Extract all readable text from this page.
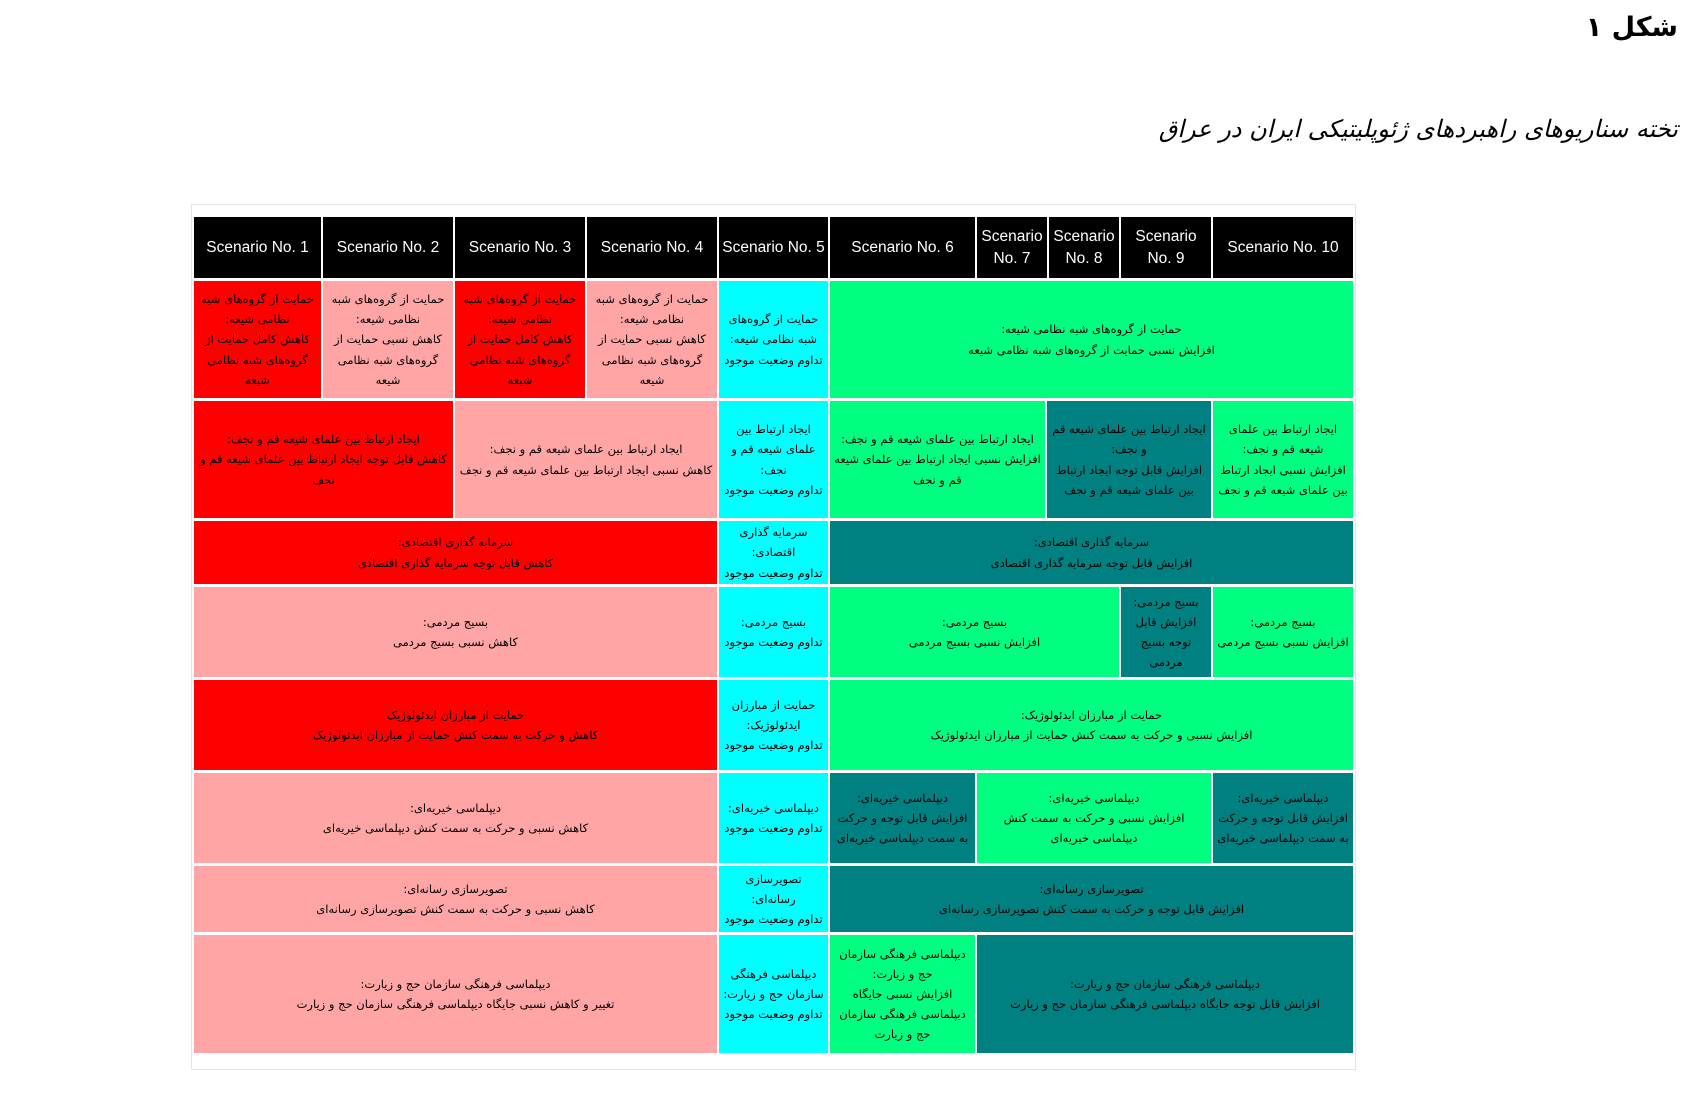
شکل ۱
تخته سناریوهای راهبردهای ژئوپلیتیکی ایران در عراق
Scenario No. 1 Scenario No. 2 Scenario No. 3 Scenario No. 4 Scenario No. 5 Scenario No. 6
Scenario No. 7
Scenario No. 8
Scenario No. 9
Scenario No. 10
حمایت از گروه‌های شبه نظامی شیعه:
کاهش کامل حمایت از گروه‌های شبه نظامی شیعه
حمایت از گروه‌های شبه نظامی شیعه:
کاهش نسبی حمایت از گروه‌های شبه نظامی شیعه
حمایت از گروه‌های شبه نظامی شیعه:
کاهش کامل حمایت از گروه‌های شبه نظامی شیعه
حمایت از گروه‌های شبه نظامی شیعه:
کاهش نسبی حمایت از گروه‌های شبه نظامی شیعه
حمایت از گروه‌های شبه نظامی شیعه:
تداوم وضعیت موجود
حمایت از گروه‌های شبه نظامی شیعه:
افزایش نسبی حمایت از گروه‌های شبه نظامی شیعه
ایجاد ارتباط بین علمای شیعه قم و نجف:
کاهش قابل توجه ایجاد ارتباط بین علمای شیعه قم و نجف
ایجاد ارتباط بین علمای شیعه قم و نجف:
کاهش نسبی ایجاد ارتباط بین علمای شیعه قم و نجف
ایجاد ارتباط بین علمای شیعه قم و نجف:
تداوم وضعیت موجود
ایجاد ارتباط بین علمای شیعه قم و نجف:
افزایش نسبی ایجاد ارتباط بین علمای شیعه قم و نجف
ایجاد ارتباط بین علمای شیعه قم و نجف:
افزایش قابل توجه ایجاد ارتباط بین علمای شیعه قم و نجف
ایجاد ارتباط بین علمای شیعه قم و نجف:
افزایش نسبی ایجاد ارتباط بین علمای شیعه قم و نجف
سرمایه گذاری اقتصادی:
کاهش قابل توجه سرمایه گذاری اقتصادی
سرمایه گذاری اقتصادی:
تداوم وضعیت موجود
سرمایه گذاری اقتصادی:
افزایش قابل توجه سرمایه گذاری اقتصادی
بسیج مردمی:
کاهش نسبی بسیج مردمی
بسیج مردمی:
تداوم وضعیت موجود
بسیج مردمی:
افزایش نسبی بسیج مردمی
بسیج مردمی:
افزایش قابل توجه بسیج مردمی
بسیج مردمی:
افزایش نسبی بسیج مردمی
حمایت از مبارزان ایدئولوژیک
کاهش و حرکت به سمت کنش حمایت از مبارزان ایدئولوژیک
حمایت از مبارزان ایدئولوژیک:
تداوم وضعیت موجود
حمایت از مبارزان ایدئولوژیک:
افزایش نسبی و حرکت به سمت کنش حمایت از مبارزان ایدئولوژیک
دیپلماسی خیریه‌ای:
کاهش نسبی و حرکت به سمت کنش دیپلماسی خیریه‌ای
دیپلماسی خیریه‌ای:
تداوم وضعیت موجود
دیپلماسی خیریه‌ای:
افزایش قابل توجه و حرکت به سمت دیپلماسی خیریه‌ای
دیپلماسی خیریه‌ای:
افزایش نسبی و حرکت به سمت کنش دیپلماسی خیریه‌ای
دیپلماسی خیریه‌ای:
افزایش قابل توجه و حرکت به سمت دیپلماسی خیریه‌ای
تصویرسازی رسانه‌ای:
کاهش نسبی و حرکت به سمت کنش تصویرسازی رسانه‌ای
تصویرسازی رسانه‌ای:
تداوم وضعیت موجود
تصویرسازی رسانه‌ای:
افزایش قابل توجه و حرکت به سمت کنش تصویرسازی رسانه‌ای
دیپلماسی فرهنگی سازمان حج و زیارت:
تغییر و کاهش نسبی جایگاه دیپلماسی فرهنگی سازمان حج و زیارت
دیپلماسی فرهنگی سازمان حج و زیارت:
تداوم وضعیت موجود
دیپلماسی فرهنگی سازمان حج و زیارت:
افزایش نسبی جایگاه دیپلماسی فرهنگی سازمان حج و زیارت
دیپلماسی فرهنگی سازمان حج و زیارت:
افزایش قابل توجه جایگاه دیپلماسی فرهنگی سازمان حج و زیارت
